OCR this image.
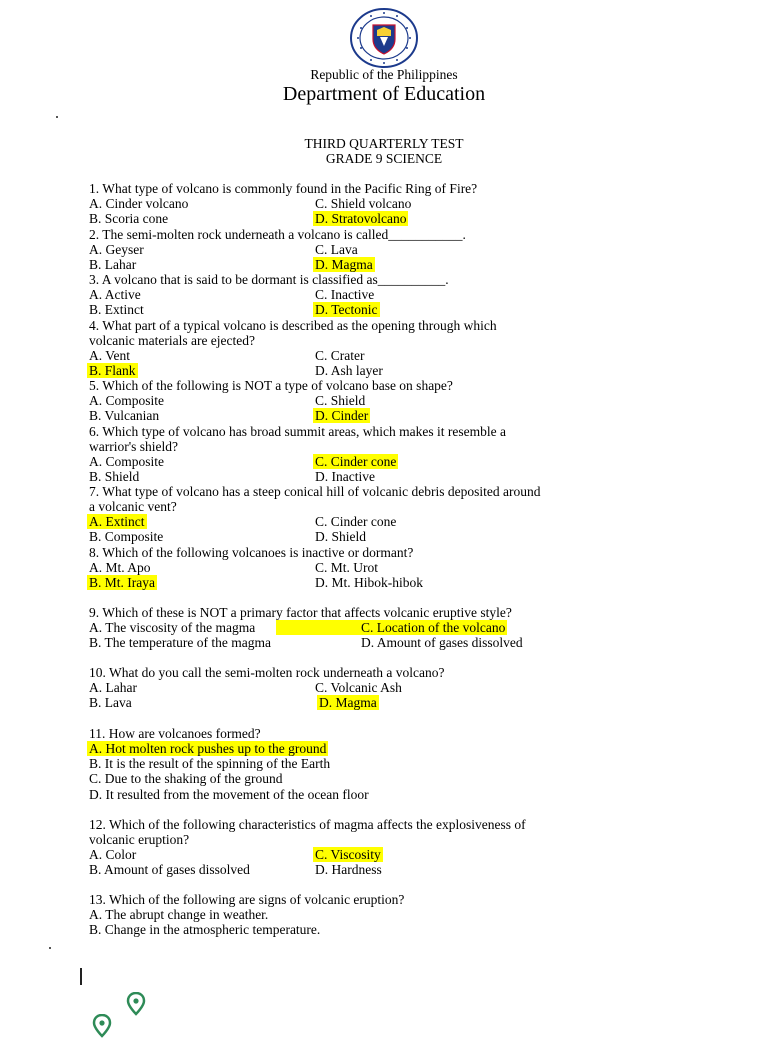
Republic of the Philippines
Department of Education
THIRD QUARTERLY TEST
GRADE 9 SCIENCE
1. What type of volcano is commonly found in the Pacific Ring of Fire?
A. Cinder volcano	C. Shield volcano
B. Scoria cone	D. Stratovolcano
2. The semi-molten rock underneath a volcano is called___________.
A. Geyser	C. Lava
B. Lahar	D. Magma
3. A volcano that is said to be dormant is classified as__________.
A. Active	C. Inactive
B. Extinct	D. Tectonic
4. What part of a typical volcano is described as the opening through which
volcanic materials are ejected?
A. Vent	C. Crater
B. Flank	D. Ash layer
5. Which of the following is NOT a type of volcano base on shape?
A. Composite	C. Shield
B. Vulcanian	D. Cinder
6. Which type of volcano has broad summit areas, which makes it resemble a
warrior's shield?
A. Composite	C. Cinder cone
B. Shield	D. Inactive
7. What type of volcano has a steep conical hill of volcanic debris deposited around
a volcanic vent?
A. Extinct	C. Cinder cone
B. Composite	D. Shield
8. Which of the following volcanoes is inactive or dormant?
A. Mt. Apo	C. Mt. Urot
B. Mt. Iraya	D. Mt. Hibok-hibok
9. Which of these is NOT a primary factor that affects volcanic eruptive style?
A. The viscosity of the magma	C. Location of the volcano
B. The temperature of the magma	D. Amount of gases dissolved
10. What do you call the semi-molten rock underneath a volcano?
A. Lahar	C. Volcanic Ash
B. Lava	D. Magma
11. How are volcanoes formed?
A. Hot molten rock pushes up to the ground
B. It is the result of the spinning of the Earth
C. Due to the shaking of the ground
D. It resulted from the movement of the ocean floor
12. Which of the following characteristics of magma affects the explosiveness of
volcanic eruption?
A. Color	C. Viscosity
B. Amount of gases dissolved	D. Hardness
13. Which of the following are signs of volcanic eruption?
A. The abrupt change in weather.
B. Change in the atmospheric temperature.
